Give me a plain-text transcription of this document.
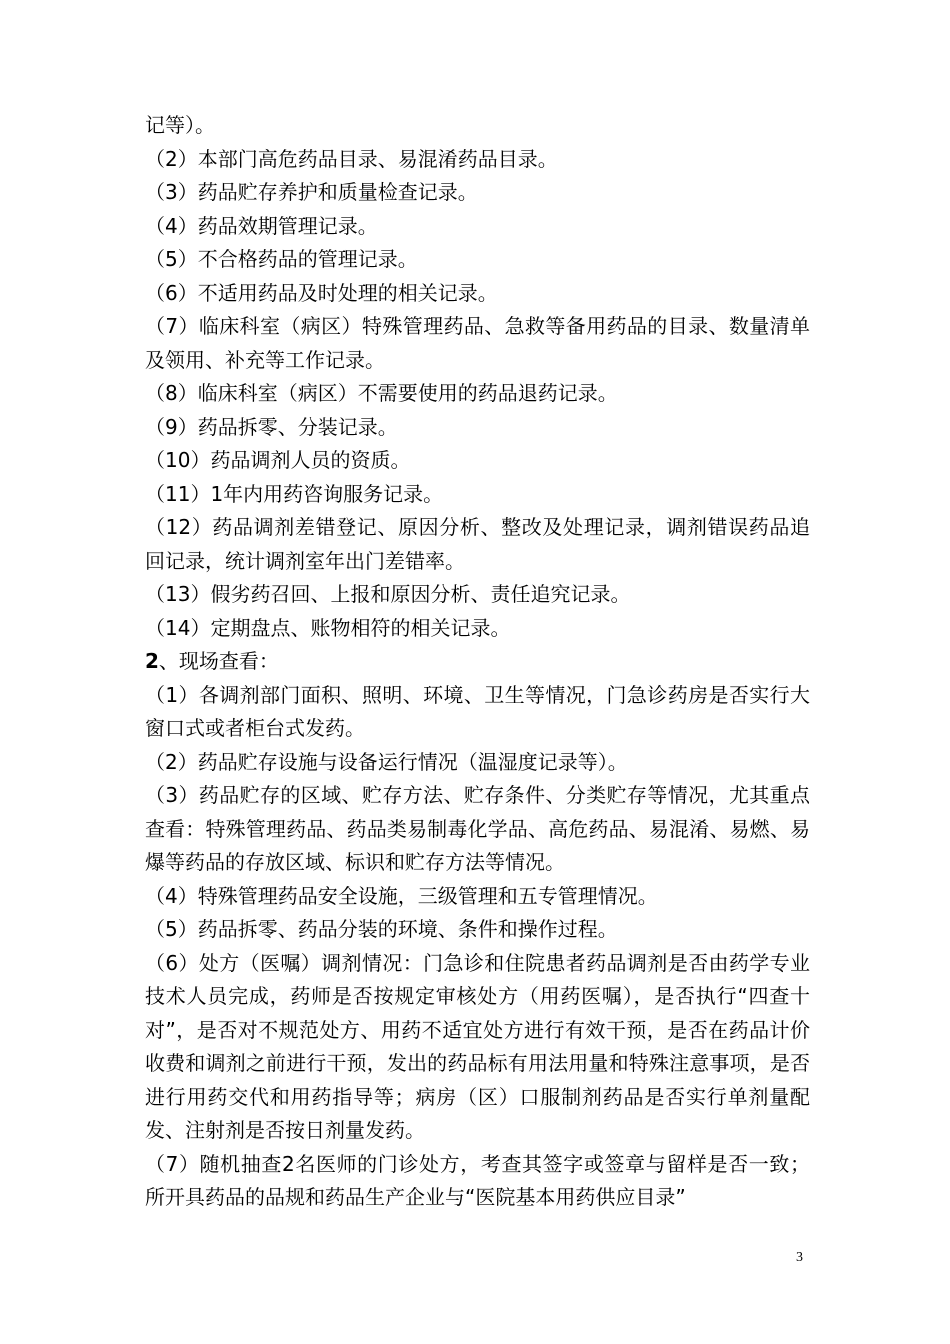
记等）。

（2）本部门高危药品目录、易混淆药品目录。

（3）药品贮存养护和质量检查记录。

（4）药品效期管理记录。

（5）不合格药品的管理记录。

（6）不适用药品及时处理的相关记录。

（7）临床科室（病区）特殊管理药品、急救等备用药品的目录、数量清单及领用、补充等工作记录。

（8）临床科室（病区）不需要使用的药品退药记录。

（9）药品拆零、分装记录。

（10）药品调剂人员的资质。

（11）1年内用药咨询服务记录。

（12）药品调剂差错登记、原因分析、整改及处理记录，调剂错误药品追回记录，统计调剂室年出门差错率。

（13）假劣药召回、上报和原因分析、责任追究记录。

（14）定期盘点、账物相符的相关记录。

2、现场查看：

（1）各调剂部门面积、照明、环境、卫生等情况，门急诊药房是否实行大窗口式或者柜台式发药。

（2）药品贮存设施与设备运行情况（温湿度记录等）。

（3）药品贮存的区域、贮存方法、贮存条件、分类贮存等情况，尤其重点查看：特殊管理药品、药品类易制毒化学品、高危药品、易混淆、易燃、易爆等药品的存放区域、标识和贮存方法等情况。

（4）特殊管理药品安全设施，三级管理和五专管理情况。

（5）药品拆零、药品分装的环境、条件和操作过程。

（6）处方（医嘱）调剂情况：门急诊和住院患者药品调剂是否由药学专业技术人员完成，药师是否按规定审核处方（用药医嘱），是否执行“四查十对”，是否对不规范处方、用药不适宜处方进行有效干预，是否在药品计价收费和调剂之前进行干预，发出的药品标有用法用量和特殊注意事项，是否进行用药交代和用药指导等；病房（区）口服制剂药品是否实行单剂量配发、注射剂是否按日剂量发药。

（7）随机抽查2名医师的门诊处方，考查其签字或签章与留样是否一致；所开具药品的品规和药品生产企业与“医院基本用药供应目录”

3
